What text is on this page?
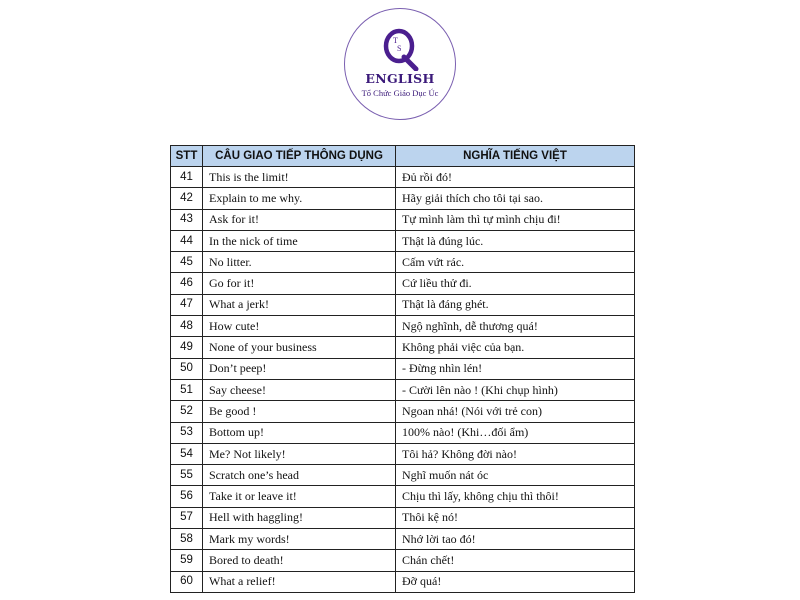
T
S
ENGLISH
Tổ Chức Giáo Dục Úc
STT	CÂU GIAO TIẾP THÔNG DỤNG	NGHĨA TIẾNG VIỆT
41	This is the limit!	Đủ rồi đó!
42	Explain to me why.	Hãy giải thích cho tôi tại sao.
43	Ask for it!	Tự mình làm thì tự mình chịu đi!
44	In the nick of time	Thật là đúng lúc.
45	No litter.	Cấm vứt rác.
46	Go for it!	Cứ liều thử đi.
47	What a jerk!	Thật là đáng ghét.
48	How cute!	Ngộ nghĩnh, dễ thương quá!
49	None of your business	Không phải việc của bạn.
50	Don’t peep!	- Đừng nhìn lén!
51	Say cheese!	- Cười lên nào ! (Khi chụp hình)
52	Be good !	Ngoan nhá! (Nói với trẻ con)
53	Bottom up!	100% nào! (Khi…đối ẩm)
54	Me? Not likely!	Tôi hả? Không đời nào!
55	Scratch one’s head	Nghĩ muốn nát óc
56	Take it or leave it!	Chịu thì lấy, không chịu thì thôi!
57	Hell with haggling!	Thôi kệ nó!
58	Mark my words!	Nhớ lời tao đó!
59	Bored to death!	Chán chết!
60	What a relief!	Đỡ quá!
